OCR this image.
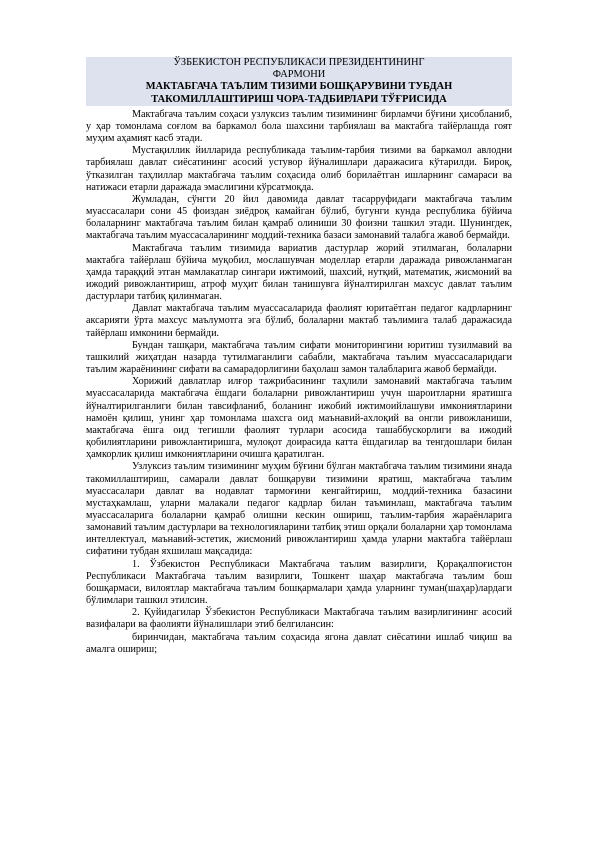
ЎЗБЕКИСТОН РЕСПУБЛИКАСИ ПРЕЗИДЕНТИНИНГ
ФАРМОНИ
МАКТАБГАЧА ТАЪЛИМ ТИЗИМИ БОШҚАРУВИНИ ТУБДАН
ТАКОМИЛЛАШТИРИШ ЧОРА-ТАДБИРЛАРИ ТЎҒРИСИДА

Мактабгача таълим соҳаси узлуксиз таълим тизимининг бирламчи бўғини ҳисобланиб, у ҳар томонлама соғлом ва баркамол бола шахсини тарбиялаш ва мактабга тайёрлашда гоят муҳим аҳамият касб этади.

Мустақиллик йилларида республикада таълим-тарбия тизими ва баркамол авлодни тарбиялаш давлат сиёсатининг асосий устувор йўналишлари даражасига кўтарилди. Бироқ, ўтказилган таҳлиллар мактабгача таълим соҳасида олиб борилаётган ишларнинг самараси ва натижаси етарли даражада эмаслигини кўрсатмоқда.

Жумладан, сўнгги 20 йил давомида давлат тасарруфидаги мактабгача таълим муассасалари сони 45 фоиздан зиёдроқ камайган бўлиб, бугунги кунда республика бўйича болаларнинг мактабгача таълим билан қамраб олиниши 30 фоизни ташкил этади. Шунингдек, мактабгача таълим муассасаларининг моддий-техника базаси замонавий талабга жавоб бермайди.

Мактабгача таълим тизимида вариатив дастурлар жорий этилмаган, болаларни мактабга тайёрлаш бўйича муқобил, мослашувчан моделлар етарли даражада ривожланмаган ҳамда тараққий этган мамлакатлар сингари ижтимоий, шахсий, нутқий, математик, жисмоний ва ижодий ривожлантириш, атроф муҳит билан танишувга йўналтирилган махсус давлат таълим дастурлари татбиқ қилинмаган.

Давлат мактабгача таълим муассасаларида фаолият юритаётган педагог кадрларнинг аксарияти ўрта махсус маълумотга эга бўлиб, болаларни мактаб таълимига талаб даражасида тайёрлаш имконини бермайди.

Бундан ташқари, мактабгача таълим сифати мониторингини юритиш тузилмавий ва ташкилий жиҳатдан назарда тутилмаганлиги сабабли, мактабгача таълим муассасаларидаги таълим жараёнининг сифати ва самарадорлигини баҳолаш замон талабларига жавоб бермайди.

Хорижий давлатлар илғор тажрибасининг таҳлили замонавий мактабгача таълим муассасаларида мактабгача ёшдаги болаларни ривожлантириш учун шароитларни яратишга йўналтирилганлиги билан тавсифланиб, боланинг ижобий ижтимоийлашуви имкониятларини намоён қилиш, унинг ҳар томонлама шахсга оид маънавий-ахлоқий ва онгли ривожланиши, мактабгача ёшга оид тегишли фаолият турлари асосида ташаббускорлиги ва ижодий қобилиятларини ривожлантиришга, мулоқот доирасида катта ёшдагилар ва тенгдошлари билан ҳамкорлик қилиш имкониятларини очишга қаратилган.

Узлуксиз таълим тизимининг муҳим бўғини бўлган мактабгача таълим тизимини янада такомиллаштириш, самарали давлат бошқаруви тизимини яратиш, мактабгача таълим муассасалари давлат ва нодавлат тармоғини кенгайтириш, моддий-техника базасини мустаҳкамлаш, уларни малакали педагог кадрлар билан таъминлаш, мактабгача таълим муассасаларига болаларни қамраб олишни кескин ошириш, таълим-тарбия жараёнларига замонавий таълим дастурлари ва технологияларини татбиқ этиш орқали болаларни ҳар томонлама интеллектуал, маънавий-эстетик, жисмоний ривожлантириш ҳамда уларни мактабга тайёрлаш сифатини тубдан яхшилаш мақсадида:

1. Ўзбекистон Республикаси Мактабгача таълим вазирлиги, Қорақалпоғистон Республикаси Мактабгача таълим вазирлиги, Тошкент шаҳар мактабгача таълим бош бошқармаси, вилоятлар мактабгача таълим бошқармалари ҳамда уларнинг туман(шаҳар)лардаги бўлимлари ташкил этилсин.

2. Қуйидагилар Ўзбекистон Республикаси Мактабгача таълим вазирлигининг асосий вазифалари ва фаолияти йўналишлари этиб белгилансин:

биринчидан, мактабгача таълим соҳасида ягона давлат сиёсатини ишлаб чиқиш ва амалга ошириш;
